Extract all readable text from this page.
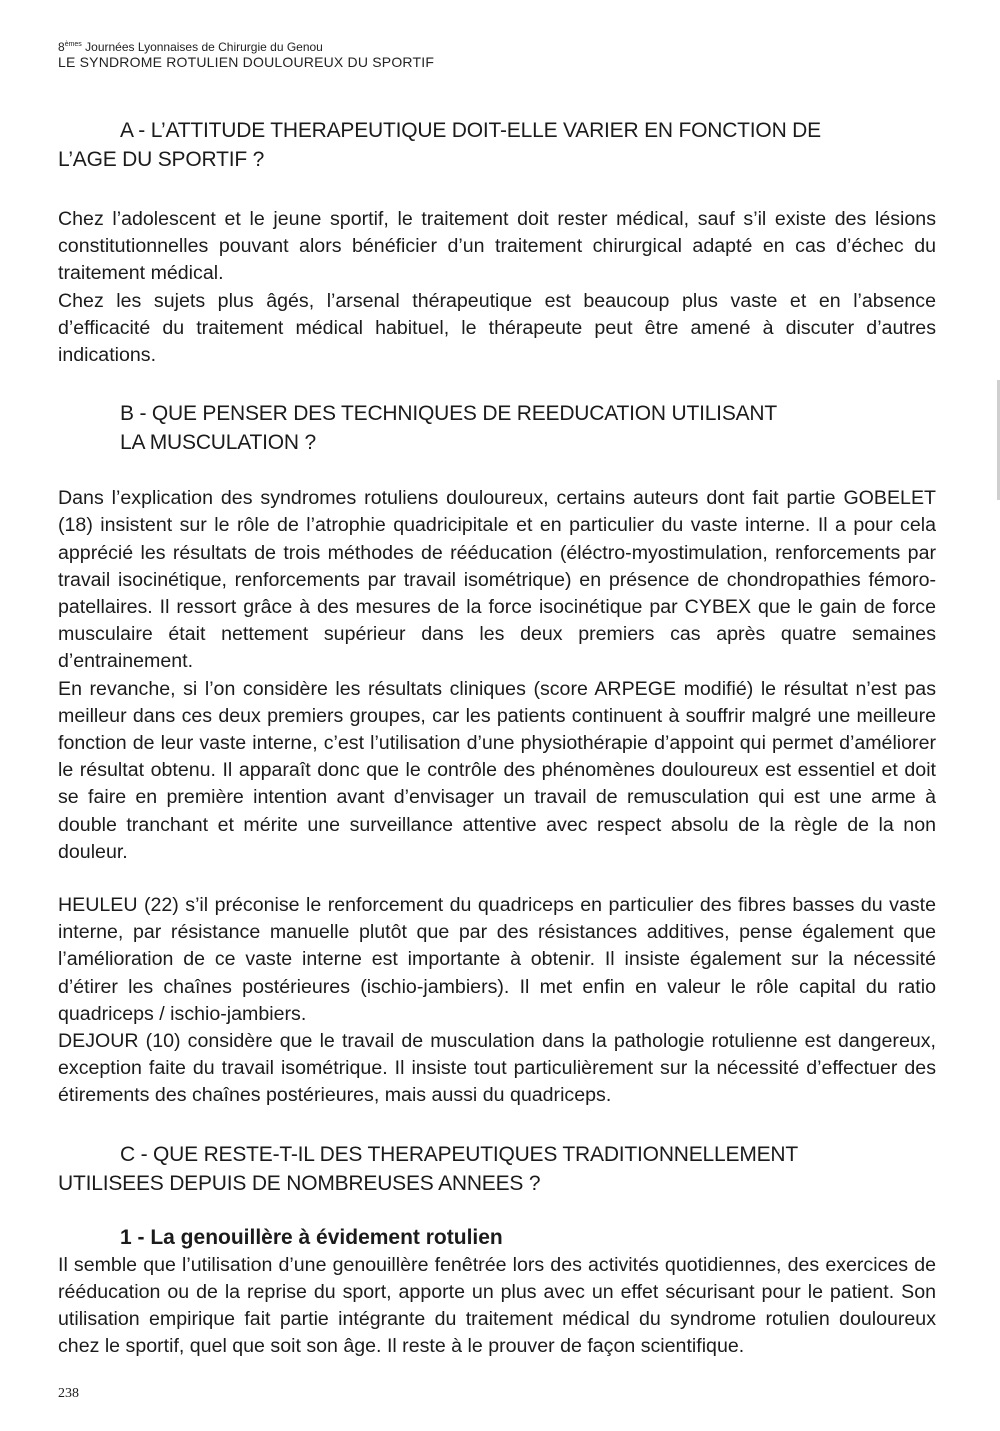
8èmes Journées Lyonnaises de Chirurgie du Genou
LE SYNDROME ROTULIEN DOULOUREUX DU SPORTIF
A - L’ATTITUDE THERAPEUTIQUE DOIT-ELLE VARIER EN FONCTION DE
L’AGE DU SPORTIF ?

Chez l’adolescent et le jeune sportif, le traitement doit rester médical, sauf s’il existe des lésions constitutionnelles pouvant alors bénéficier d’un traitement chirurgical adapté en cas d’échec du traitement médical.

Chez les sujets plus âgés, l’arsenal thérapeutique est beaucoup plus vaste et en l’absence d’efficacité du traitement médical habituel, le thérapeute peut être amené à discuter d’autres indications.

B - QUE PENSER DES TECHNIQUES DE REEDUCATION UTILISANT
LA MUSCULATION ?

Dans l’explication des syndromes rotuliens douloureux, certains auteurs dont fait partie GOBELET (18) insistent sur le rôle de l’atrophie quadricipitale et en particulier du vaste interne. Il a pour cela apprécié les résultats de trois méthodes de rééducation (éléctro-myostimulation, renforcements par travail isocinétique, renforcements par travail isométrique) en présence de chondropathies fémoro-patellaires. Il ressort grâce à des mesures de la force isocinétique par CYBEX que le gain de force musculaire était nettement supérieur dans les deux premiers cas après quatre semaines d’entrainement.

En revanche, si l’on considère les résultats cliniques (score ARPEGE modifié) le résultat n’est pas meilleur dans ces deux premiers groupes, car les patients continuent à souffrir malgré une meilleure fonction de leur vaste interne, c’est l’utilisation d’une physiothérapie d’appoint qui permet d’améliorer le résultat obtenu. Il apparaît donc que le contrôle des phénomènes douloureux est essentiel et doit se faire en première intention avant d’envisager un travail de remusculation qui est une arme à double tranchant et mérite une surveillance attentive avec respect absolu de la règle de la non douleur.

HEULEU (22) s’il préconise le renforcement du quadriceps en particulier des fibres basses du vaste interne, par résistance manuelle plutôt que par des résistances additives, pense également que l’amélioration de ce vaste interne est importante à obtenir. Il insiste également sur la nécessité d’étirer les chaînes postérieures (ischio-jambiers). Il met enfin en valeur le rôle capital du ratio quadriceps / ischio-jambiers.

DEJOUR (10) considère que le travail de musculation dans la pathologie rotulienne est dangereux, exception faite du travail isométrique. Il insiste tout particulièrement sur la nécessité d’effectuer des étirements des chaînes postérieures, mais aussi du quadriceps.

C - QUE RESTE-T-IL DES THERAPEUTIQUES TRADITIONNELLEMENT
UTILISEES DEPUIS DE NOMBREUSES ANNEES ?
1 - La genouillère à évidement rotulien

Il semble que l’utilisation d’une genouillère fenêtrée lors des activités quotidiennes, des exercices de rééducation ou de la reprise du sport, apporte un plus avec un effet sécurisant pour le patient. Son utilisation empirique fait partie intégrante du traitement médical du syndrome rotulien douloureux chez le sportif, quel que soit son âge. Il reste à le prouver de façon scientifique.

238
